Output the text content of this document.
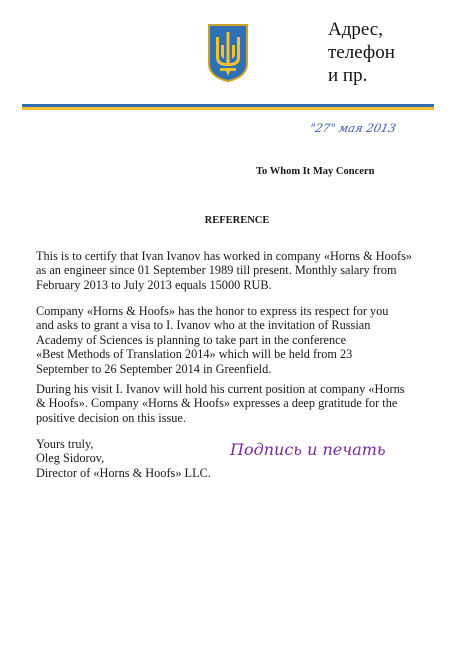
Адрес,
телефон
и пр.
"27" мая 2013
To Whom It May Concern
REFERENCE
This is to certify that Ivan Ivanov has worked in company «Horns & Hoofs»
as an engineer since 01 September 1989 till present. Monthly salary from
February 2013 to July 2013 equals 15000 RUB.
Company «Horns & Hoofs» has the honor to express its respect for you
and asks to grant a visa to I. Ivanov who at the invitation of Russian
Academy of Sciences is planning to take part in the conference
«Best Methods of Translation 2014» which will be held from 23
September to 26 September 2014 in Greenfield.
During his visit I. Ivanov will hold his current position at company «Horns
& Hoofs». Company «Horns & Hoofs» expresses a deep gratitude for the
positive decision on this issue.
Yours truly,
Oleg Sidorov,
Director of «Horns & Hoofs» LLC.
Подпись и печать
